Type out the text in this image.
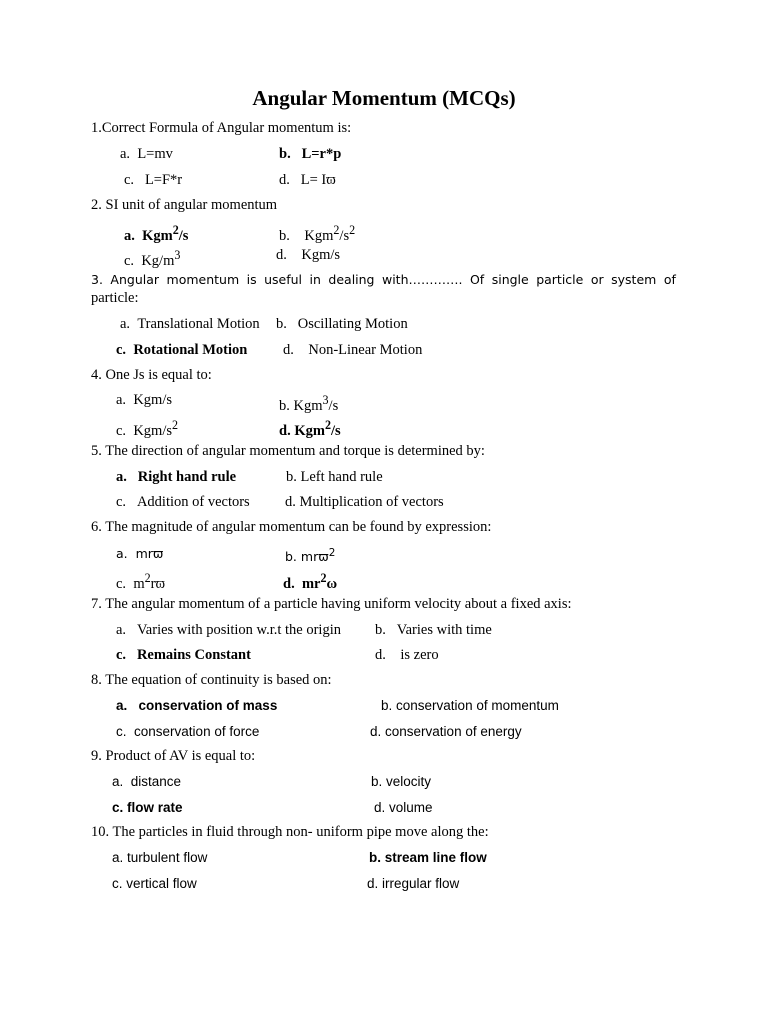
Angular Momentum (MCQs)
1.Correct Formula of Angular momentum is:
a. L=mv	b. L=r*p
c. L=F*r	d. L= Iϖ
2. SI unit of angular momentum
a. Kgm$^2$/s	b. $Kgm^2/s^2$
c. $Kg/m^3$	d. Kgm/s
3. Angular momentum is useful in dealing with…………. Of single particle or system of
particle:
a. Translational Motion b. Oscillating Motion
c. Rotational Motion d. Non-Linear Motion
4. One Js is equal to:
a. Kgm/s	b. Kgm$^3$/s
c. Kgm/$s^2$	d. Kgm$^2$/s
5. The direction of angular momentum and torque is determined by:
a. Right hand rule	b. Left hand rule
c. Addition of vectors d. Multiplication of vectors
6. The magnitude of angular momentum can be found by expression:
a. mrϖ	b. mrϖ$^2$
c. $m^2rϖ$	d. $mr^2\omega$
7. The angular momentum of a particle having uniform velocity about a fixed axis:
a. Varies with position w.r.t the origin b. Varies with time
c. Remains Constant	d. is zero
8. The equation of continuity is based on:
a. conservation of mass	b. conservation of momentum
c. conservation of force	d. conservation of energy
9. Product of AV is equal to:
a. distance	b. velocity
c. flow rate	d. volume
10. The particles in fluid through non- uniform pipe move along the:
a. turbulent flow	b. stream line flow
c. vertical flow	d. irregular flow
